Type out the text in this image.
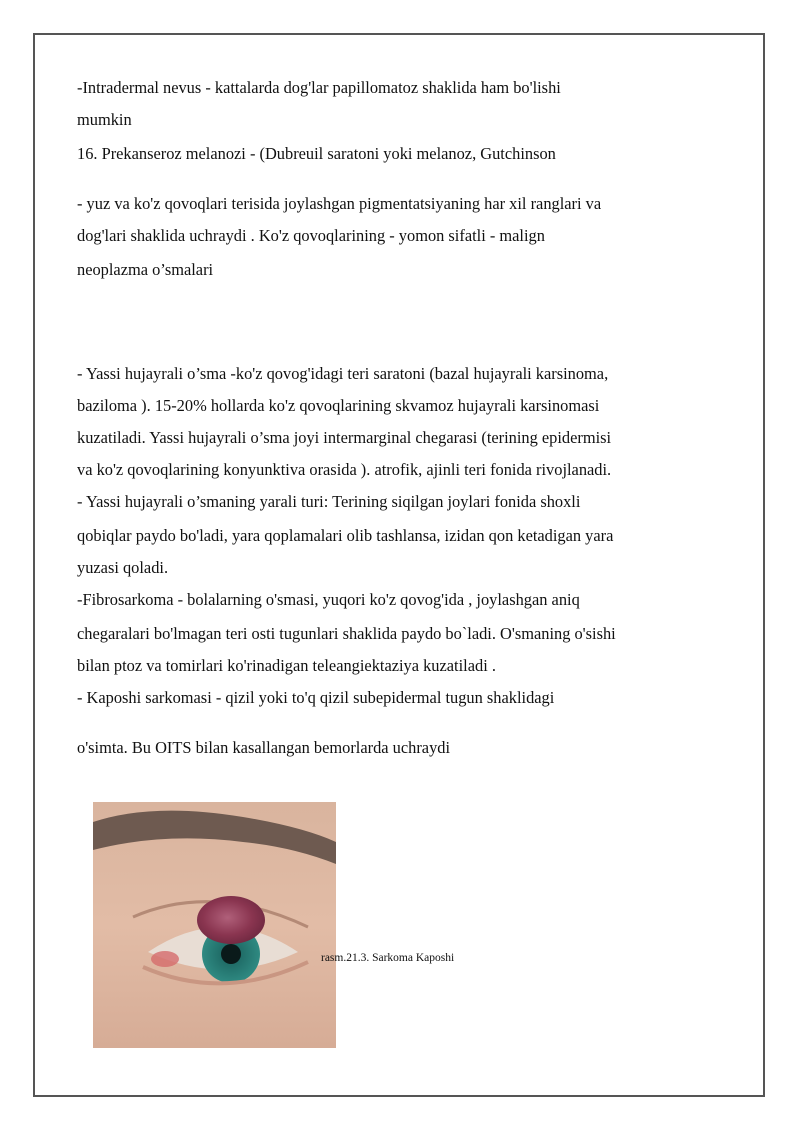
-Intradermal nevus - kattalarda dog'lar papillomatoz shaklida ham bo'lishi
mumkin
16. Prekanseroz melanozi - (Dubreuil saratoni yoki melanoz, Gutchinson
- yuz va ko'z qovoqlari terisida joylashgan pigmentatsiyaning har xil ranglari va
dog'lari shaklida uchraydi . Ko'z qovoqlarining - yomon sifatli - malign
neoplazma o’smalari
- Yassi hujayrali o’sma -ko'z qovog'idagi teri saratoni (bazal hujayrali karsinoma,
baziloma ). 15-20% hollarda ko'z qovoqlarining skvamoz hujayrali karsinomasi
kuzatiladi. Yassi hujayrali o’sma joyi intermarginal chegarasi (terining epidermisi
va ko'z qovoqlarining konyunktiva orasida ). atrofik, ajinli teri fonida rivojlanadi.
- Yassi hujayrali o’smaning yarali turi: Terining siqilgan joylari fonida shoxli
qobiqlar paydo bo'ladi, yara qoplamalari olib tashlansa, izidan qon ketadigan yara
yuzasi qoladi.
-Fibrosarkoma - bolalarning o'smasi, yuqori ko'z qovog'ida , joylashgan aniq
chegaralari bo'lmagan teri osti tugunlari shaklida paydo bo`ladi. O'smaning o'sishi
bilan ptoz va tomirlari ko'rinadigan teleangiektaziya kuzatiladi .
- Kaposhi sarkomasi - qizil yoki to'q qizil subepidermal tugun shaklidagi
o'simta. Bu OITS bilan kasallangan bemorlarda uchraydi
rasm.21.3. Sarkoma Kaposhi
